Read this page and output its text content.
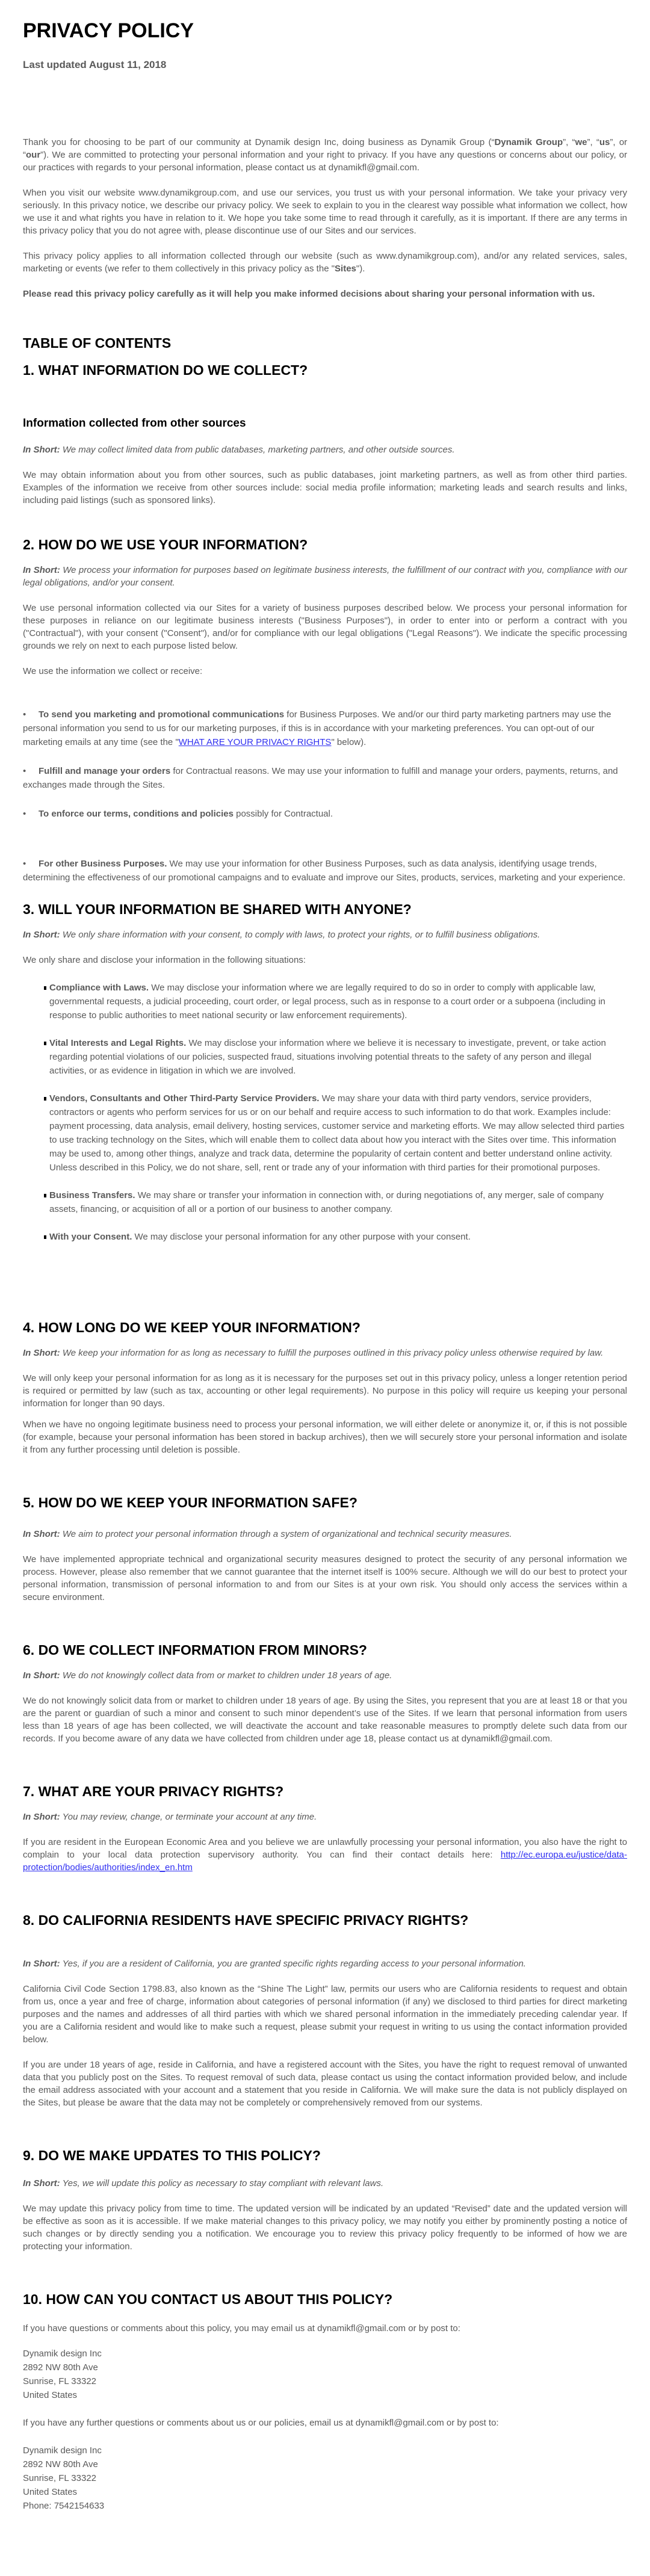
PRIVACY POLICY
Last updated August 11, 2018

Thank you for choosing to be part of our community at Dynamik design Inc, doing business as Dynamik Group (“Dynamik Group”, “we”, “us”, or “our”). We are committed to protecting your personal information and your right to privacy. If you have any questions or concerns about our policy, or our practices with regards to your personal information, please contact us at dynamikfl@gmail.com.

When you visit our website www.dynamikgroup.com, and use our services, you trust us with your personal information. We take your privacy very seriously. In this privacy notice, we describe our privacy policy. We seek to explain to you in the clearest way possible what information we collect, how we use it and what rights you have in relation to it. We hope you take some time to read through it carefully, as it is important. If there are any terms in this privacy policy that you do not agree with, please discontinue use of our Sites and our services.

This privacy policy applies to all information collected through our website (such as www.dynamikgroup.com), and/or any related services, sales, marketing or events (we refer to them collectively in this privacy policy as the "Sites").

Please read this privacy policy carefully as it will help you make informed decisions about sharing your personal information with us.

TABLE OF CONTENTS
1. WHAT INFORMATION DO WE COLLECT?
Information collected from other sources

In Short: We may collect limited data from public databases, marketing partners, and other outside sources.

We may obtain information about you from other sources, such as public databases, joint marketing partners, as well as from other third parties. Examples of the information we receive from other sources include: social media profile information; marketing leads and search results and links, including paid listings (such as sponsored links).

2. HOW DO WE USE YOUR INFORMATION?

In Short: We process your information for purposes based on legitimate business interests, the fulfillment of our contract with you, compliance with our legal obligations, and/or your consent.

We use personal information collected via our Sites for a variety of business purposes described below. We process your personal information for these purposes in reliance on our legitimate business interests ("Business Purposes"), in order to enter into or perform a contract with you ("Contractual"), with your consent ("Consent"), and/or for compliance with our legal obligations ("Legal Reasons"). We indicate the specific processing grounds we rely on next to each purpose listed below.

We use the information we collect or receive:

• To send you marketing and promotional communications for Business Purposes. We and/or our third party marketing partners may use the personal information you send to us for our marketing purposes, if this is in accordance with your marketing preferences. You can opt-out of our marketing emails at any time (see the "WHAT ARE YOUR PRIVACY RIGHTS" below).

• Fulfill and manage your orders for Contractual reasons. We may use your information to fulfill and manage your orders, payments, returns, and exchanges made through the Sites.

• To enforce our terms, conditions and policies possibly for Contractual.

• For other Business Purposes. We may use your information for other Business Purposes, such as data analysis, identifying usage trends, determining the effectiveness of our promotional campaigns and to evaluate and improve our Sites, products, services, marketing and your experience.

3. WILL YOUR INFORMATION BE SHARED WITH ANYONE?

In Short: We only share information with your consent, to comply with laws, to protect your rights, or to fulfill business obligations.

We only share and disclose your information in the following situations:

Compliance with Laws. We may disclose your information where we are legally required to do so in order to comply with applicable law, governmental requests, a judicial proceeding, court order, or legal process, such as in response to a court order or a subpoena (including in response to public authorities to meet national security or law enforcement requirements).
Vital Interests and Legal Rights. We may disclose your information where we believe it is necessary to investigate, prevent, or take action regarding potential violations of our policies, suspected fraud, situations involving potential threats to the safety of any person and illegal activities, or as evidence in litigation in which we are involved.
Vendors, Consultants and Other Third-Party Service Providers. We may share your data with third party vendors, service providers, contractors or agents who perform services for us or on our behalf and require access to such information to do that work. Examples include: payment processing, data analysis, email delivery, hosting services, customer service and marketing efforts. We may allow selected third parties to use tracking technology on the Sites, which will enable them to collect data about how you interact with the Sites over time. This information may be used to, among other things, analyze and track data, determine the popularity of certain content and better understand online activity. Unless described in this Policy, we do not share, sell, rent or trade any of your information with third parties for their promotional purposes.
Business Transfers. We may share or transfer your information in connection with, or during negotiations of, any merger, sale of company assets, financing, or acquisition of all or a portion of our business to another company.
With your Consent. We may disclose your personal information for any other purpose with your consent.
4. HOW LONG DO WE KEEP YOUR INFORMATION?

In Short: We keep your information for as long as necessary to fulfill the purposes outlined in this privacy policy unless otherwise required by law.

We will only keep your personal information for as long as it is necessary for the purposes set out in this privacy policy, unless a longer retention period is required or permitted by law (such as tax, accounting or other legal requirements). No purpose in this policy will require us keeping your personal information for longer than 90 days.

When we have no ongoing legitimate business need to process your personal information, we will either delete or anonymize it, or, if this is not possible (for example, because your personal information has been stored in backup archives), then we will securely store your personal information and isolate it from any further processing until deletion is possible.

5. HOW DO WE KEEP YOUR INFORMATION SAFE?

In Short: We aim to protect your personal information through a system of organizational and technical security measures.

We have implemented appropriate technical and organizational security measures designed to protect the security of any personal information we process. However, please also remember that we cannot guarantee that the internet itself is 100% secure. Although we will do our best to protect your personal information, transmission of personal information to and from our Sites is at your own risk. You should only access the services within a secure environment.

6. DO WE COLLECT INFORMATION FROM MINORS?

In Short: We do not knowingly collect data from or market to children under 18 years of age.

We do not knowingly solicit data from or market to children under 18 years of age. By using the Sites, you represent that you are at least 18 or that you are the parent or guardian of such a minor and consent to such minor dependent’s use of the Sites. If we learn that personal information from users less than 18 years of age has been collected, we will deactivate the account and take reasonable measures to promptly delete such data from our records. If you become aware of any data we have collected from children under age 18, please contact us at dynamikfl@gmail.com.

7. WHAT ARE YOUR PRIVACY RIGHTS?

In Short: You may review, change, or terminate your account at any time.

If you are resident in the European Economic Area and you believe we are unlawfully processing your personal information, you also have the right to complain to your local data protection supervisory authority. You can find their contact details here: http://ec.europa.eu/justice/data-protection/bodies/authorities/index_en.htm

8. DO CALIFORNIA RESIDENTS HAVE SPECIFIC PRIVACY RIGHTS?

In Short: Yes, if you are a resident of California, you are granted specific rights regarding access to your personal information.

California Civil Code Section 1798.83, also known as the “Shine The Light” law, permits our users who are California residents to request and obtain from us, once a year and free of charge, information about categories of personal information (if any) we disclosed to third parties for direct marketing purposes and the names and addresses of all third parties with which we shared personal information in the immediately preceding calendar year. If you are a California resident and would like to make such a request, please submit your request in writing to us using the contact information provided below.

If you are under 18 years of age, reside in California, and have a registered account with the Sites, you have the right to request removal of unwanted data that you publicly post on the Sites. To request removal of such data, please contact us using the contact information provided below, and include the email address associated with your account and a statement that you reside in California. We will make sure the data is not publicly displayed on the Sites, but please be aware that the data may not be completely or comprehensively removed from our systems.

9. DO WE MAKE UPDATES TO THIS POLICY?

In Short: Yes, we will update this policy as necessary to stay compliant with relevant laws.

We may update this privacy policy from time to time. The updated version will be indicated by an updated “Revised” date and the updated version will be effective as soon as it is accessible. If we make material changes to this privacy policy, we may notify you either by prominently posting a notice of such changes or by directly sending you a notification. We encourage you to review this privacy policy frequently to be informed of how we are protecting your information.

10. HOW CAN YOU CONTACT US ABOUT THIS POLICY?

If you have questions or comments about this policy, you may email us at dynamikfl@gmail.com or by post to:

Dynamik design Inc
2892 NW 80th Ave
Sunrise, FL 33322
United States

If you have any further questions or comments about us or our policies, email us at dynamikfl@gmail.com or by post to:

Dynamik design Inc
2892 NW 80th Ave
Sunrise, FL 33322
United States
Phone: 7542154633
